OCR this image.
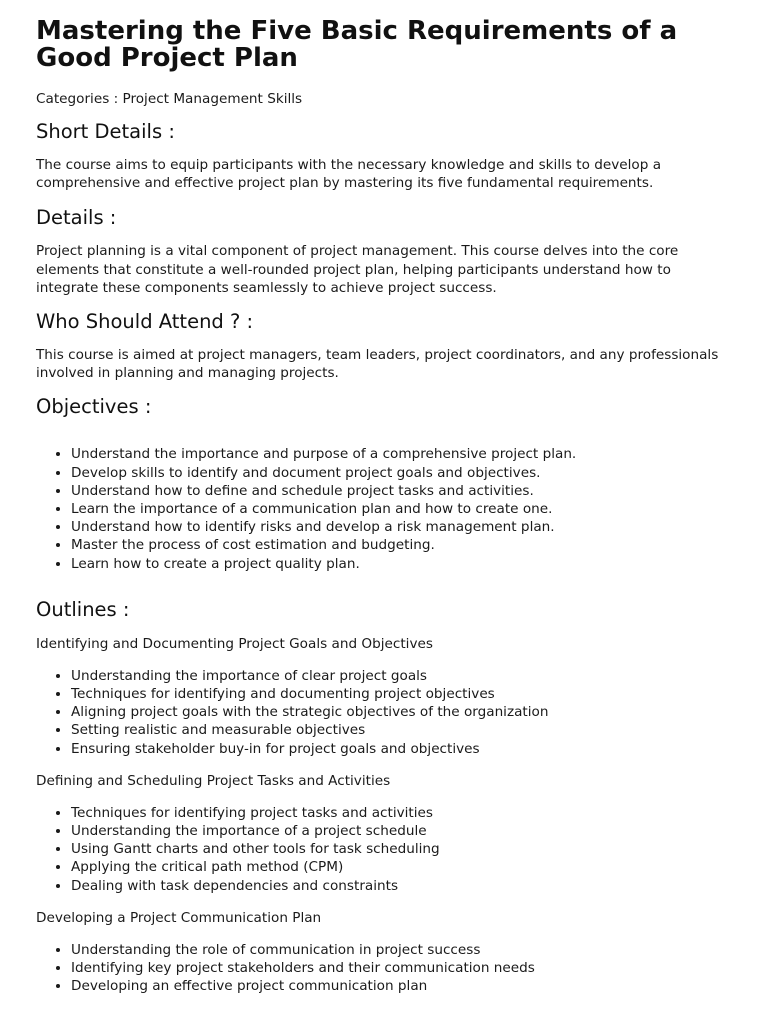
Mastering the Five Basic Requirements of a Good Project Plan
Categories : Project Management Skills
Short Details :

The course aims to equip participants with the necessary knowledge and skills to develop a comprehensive and effective project plan by mastering its five fundamental requirements.

Details :

Project planning is a vital component of project management. This course delves into the core elements that constitute a well-rounded project plan, helping participants understand how to integrate these components seamlessly to achieve project success.

Who Should Attend ? :

This course is aimed at project managers, team leaders, project coordinators, and any professionals involved in planning and managing projects.

Objectives :
• Understand the importance and purpose of a comprehensive project plan.
• Develop skills to identify and document project goals and objectives.
• Understand how to define and schedule project tasks and activities.
• Learn the importance of a communication plan and how to create one.
• Understand how to identify risks and develop a risk management plan.
• Master the process of cost estimation and budgeting.
• Learn how to create a project quality plan.
Outlines :
Identifying and Documenting Project Goals and Objectives
• Understanding the importance of clear project goals
• Techniques for identifying and documenting project objectives
• Aligning project goals with the strategic objectives of the organization
• Setting realistic and measurable objectives
• Ensuring stakeholder buy-in for project goals and objectives
Defining and Scheduling Project Tasks and Activities
• Techniques for identifying project tasks and activities
• Understanding the importance of a project schedule
• Using Gantt charts and other tools for task scheduling
• Applying the critical path method (CPM)
• Dealing with task dependencies and constraints
Developing a Project Communication Plan
• Understanding the role of communication in project success
• Identifying key project stakeholders and their communication needs
• Developing an effective project communication plan
